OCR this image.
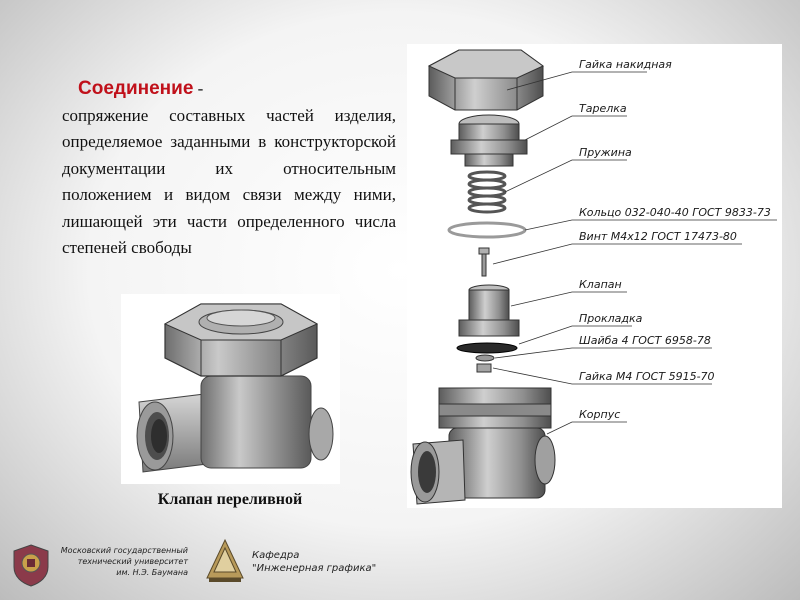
Соединение -
сопряжение составных частей изделия, определяемое заданными в конструкторской документации их относительным положением и видом связи между ними, лишающей эти части определенного числа степеней свободы
Клапан переливной
Гайка накидная
Тарелка
Пружина
Кольцо 032-040-40 ГОСТ 9833-73
Винт М4х12 ГОСТ 17473-80
Клапан
Прокладка
Шайба 4 ГОСТ 6958-78
Гайка М4 ГОСТ 5915-70
Корпус
Московский государственный
технический университет
им. Н.Э. Баумана
Кафедра
"Инженерная графика"
